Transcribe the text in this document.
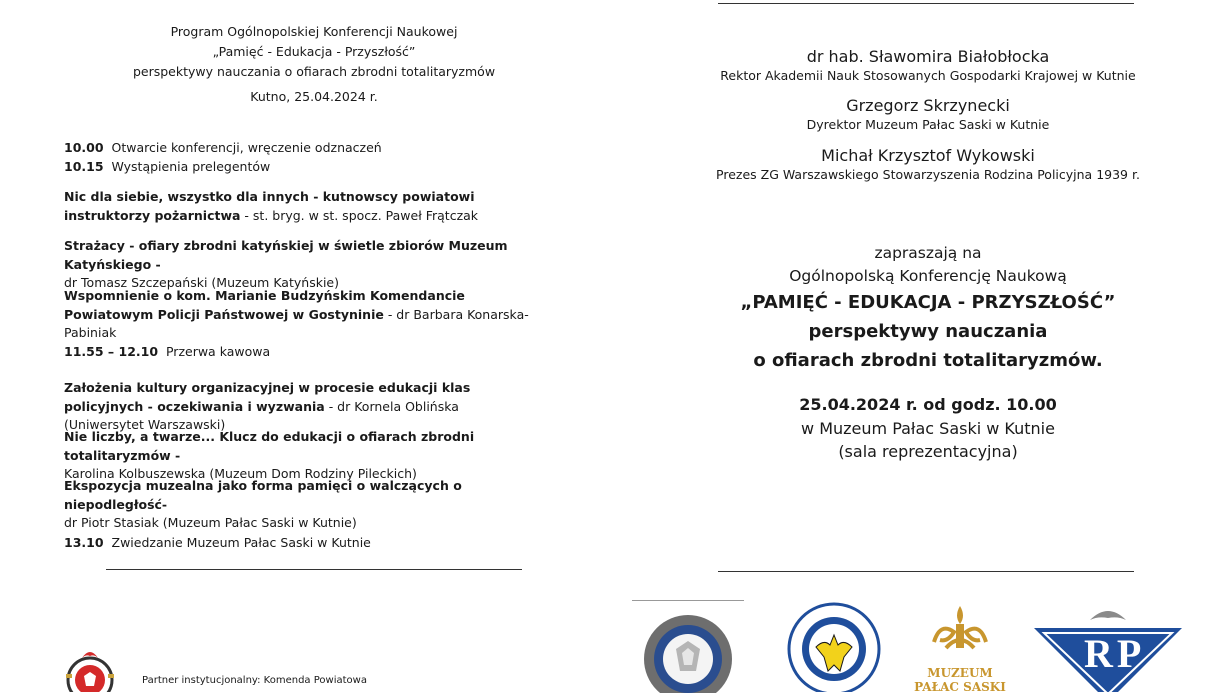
Program Ogólnopolskiej Konferencji Naukowej
„Pamięć - Edukacja - Przyszłość”
perspektywy nauczania o ofiarach zbrodni totalitaryzmów
Kutno, 25.04.2024 r.
10.00 Otwarcie konferencji, wręczenie odznaczeń
10.15 Wystąpienia prelegentów
Nic dla siebie, wszystko dla innych - kutnowscy powiatowi instruktorzy pożarnictwa - st. bryg. w st. spocz. Paweł Frątczak
Strażacy - ofiary zbrodni katyńskiej w świetle zbiorów Muzeum Katyńskiego -
dr Tomasz Szczepański (Muzeum Katyńskie)
Wspomnienie o kom. Marianie Budzyńskim Komendancie Powiatowym Policji Państwowej w Gostyninie - dr Barbara Konarska-Pabiniak
11.55 – 12.10 Przerwa kawowa
Założenia kultury organizacyjnej w procesie edukacji klas policyjnych - oczekiwania i wyzwania - dr Kornela Oblińska (Uniwersytet Warszawski)
Nie liczby, a twarze... Klucz do edukacji o ofiarach zbrodni totalitaryzmów -
Karolina Kolbuszewska (Muzeum Dom Rodziny Pileckich)
Ekspozycja muzealna jako forma pamięci o walczących o niepodległość-
dr Piotr Stasiak (Muzeum Pałac Saski w Kutnie)
13.10 Zwiedzanie Muzeum Pałac Saski w Kutnie
Partner instytucjonalny: Komenda Powiatowa
dr hab. Sławomira Białobłocka
Rektor Akademii Nauk Stosowanych Gospodarki Krajowej w Kutnie
Grzegorz Skrzynecki
Dyrektor Muzeum Pałac Saski w Kutnie
Michał Krzysztof Wykowski
Prezes ZG Warszawskiego Stowarzyszenia Rodzina Policyjna 1939 r.
zapraszają na
Ogólnopolską Konferencję Naukową
„PAMIĘĆ - EDUKACJA - PRZYSZŁOŚĆ”
perspektywy nauczania
o ofiarach zbrodni totalitaryzmów.
25.04.2024 r. od godz. 10.00
w Muzeum Pałac Saski w Kutnie
(sala reprezentacyjna)
MUZEUM
PAŁAC SASKI
RP
